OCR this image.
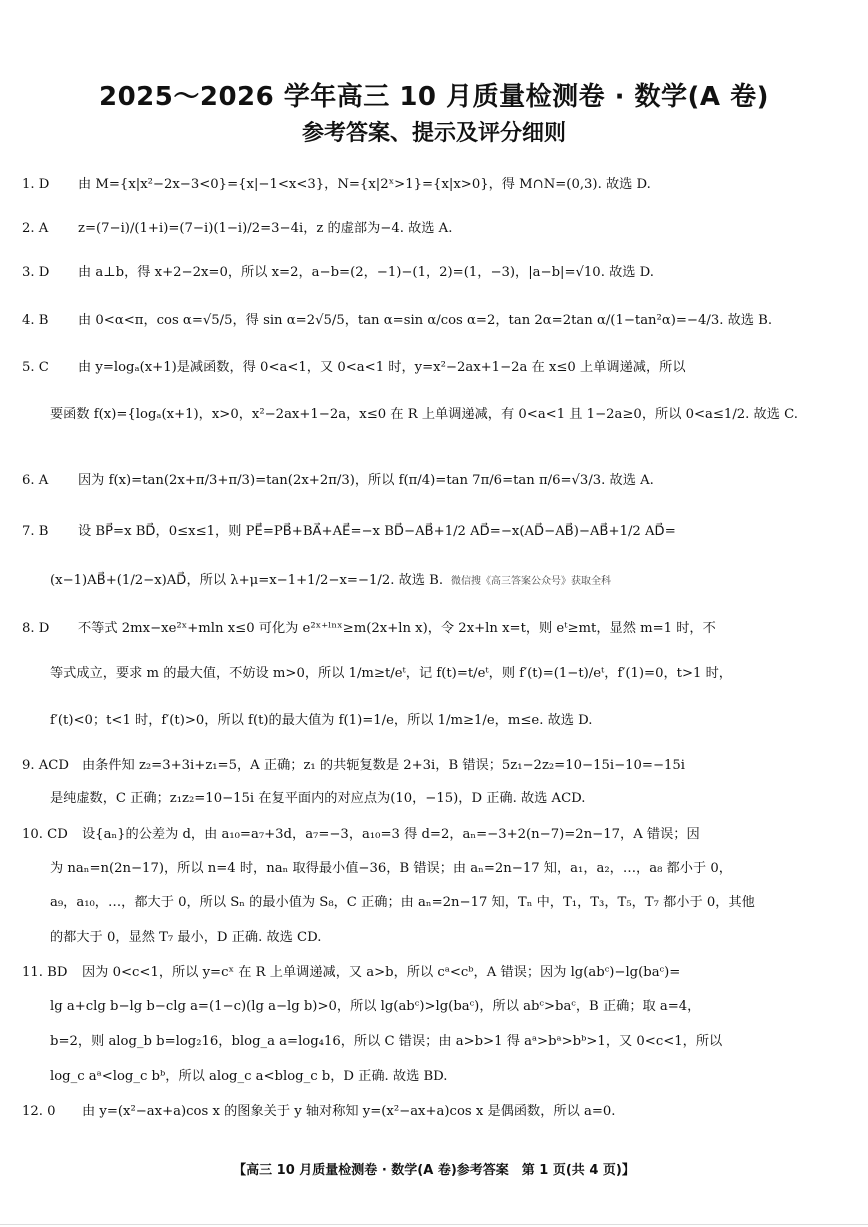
2025～2026 学年高三 10 月质量检测卷 · 数学(A 卷)
参考答案、提示及评分细则
1. D 由 M={x|x²−2x−3<0}={x|−1<x<3}，N={x|2ˣ>1}={x|x>0}，得 M∩N=(0,3). 故选 D.
2. A z=(7−i)/(1+i)=(7−i)(1−i)/2=3−4i，z 的虚部为−4. 故选 A.
3. D 由 a⊥b，得 x+2−2x=0，所以 x=2，a−b=(2，−1)−(1，2)=(1，−3)，|a−b|=√10. 故选 D.
4. B 由 0<α<π，cos α=√5/5，得 sin α=2√5/5，tan α=sin α/cos α=2，tan 2α=2tan α/(1−tan²α)=−4/3. 故选 B.
5. C 由 y=logₐ(x+1)是减函数，得 0<a<1，又 0<a<1 时，y=x²−2ax+1−2a 在 x≤0 上单调递减，所以
要函数 f(x)={logₐ(x+1)，x>0，x²−2ax+1−2a，x≤0 在 R 上单调递减，有 0<a<1 且 1−2a≥0，所以 0<a≤1/2. 故选 C.
6. A 因为 f(x)=tan(2x+π/3+π/3)=tan(2x+2π/3)，所以 f(π/4)=tan 7π/6=tan π/6=√3/3. 故选 A.
7. B 设 BP⃗=x BD⃗，0≤x≤1，则 PE⃗=PB⃗+BA⃗+AE⃗=−x BD⃗−AB⃗+1/2 AD⃗=−x(AD⃗−AB⃗)−AB⃗+1/2 AD⃗=
(x−1)AB⃗+(1/2−x)AD⃗，所以 λ+μ=x−1+1/2−x=−1/2. 故选 B. 微信搜《高三答案公众号》获取全科
8. D 不等式 2mx−xe²ˣ+mln x≤0 可化为 e²ˣ⁺ˡⁿˣ≥m(2x+ln x)，令 2x+ln x=t，则 eᵗ≥mt，显然 m=1 时，不
等式成立，要求 m 的最大值，不妨设 m>0，所以 1/m≥t/eᵗ，记 f(t)=t/eᵗ，则 f′(t)=(1−t)/eᵗ，f′(1)=0，t>1 时，
f′(t)<0；t<1 时，f′(t)>0，所以 f(t)的最大值为 f(1)=1/e，所以 1/m≥1/e，m≤e. 故选 D.
9. ACD 由条件知 z₂=3+3i+z₁=5，A 正确；z₁ 的共轭复数是 2+3i，B 错误；5z₁−2z₂=10−15i−10=−15i
是纯虚数，C 正确；z₁z₂=10−15i 在复平面内的对应点为(10，−15)，D 正确. 故选 ACD.
10. CD 设{aₙ}的公差为 d，由 a₁₀=a₇+3d，a₇=−3，a₁₀=3 得 d=2，aₙ=−3+2(n−7)=2n−17，A 错误；因
为 naₙ=n(2n−17)，所以 n=4 时，naₙ 取得最小值−36，B 错误；由 aₙ=2n−17 知，a₁，a₂，…，a₈ 都小于 0，
a₉，a₁₀，…，都大于 0，所以 Sₙ 的最小值为 S₈，C 正确；由 aₙ=2n−17 知，Tₙ 中，T₁，T₃，T₅，T₇ 都小于 0，其他
的都大于 0，显然 T₇ 最小，D 正确. 故选 CD.
11. BD 因为 0<c<1，所以 y=cˣ 在 R 上单调递减，又 a>b，所以 cᵃ<cᵇ，A 错误；因为 lg(abᶜ)−lg(baᶜ)=
lg a+clg b−lg b−clg a=(1−c)(lg a−lg b)>0，所以 lg(abᶜ)>lg(baᶜ)，所以 abᶜ>baᶜ，B 正确；取 a=4，
b=2，则 alog_b b=log₂16，blog_a a=log₄16，所以 C 错误；由 a>b>1 得 aᵃ>bᵃ>bᵇ>1，又 0<c<1，所以
log_c aᵃ<log_c bᵇ，所以 alog_c a<blog_c b，D 正确. 故选 BD.
12. 0 由 y=(x²−ax+a)cos x 的图象关于 y 轴对称知 y=(x²−ax+a)cos x 是偶函数，所以 a=0.
【高三 10 月质量检测卷 · 数学(A 卷)参考答案　第 1 页(共 4 页)】
